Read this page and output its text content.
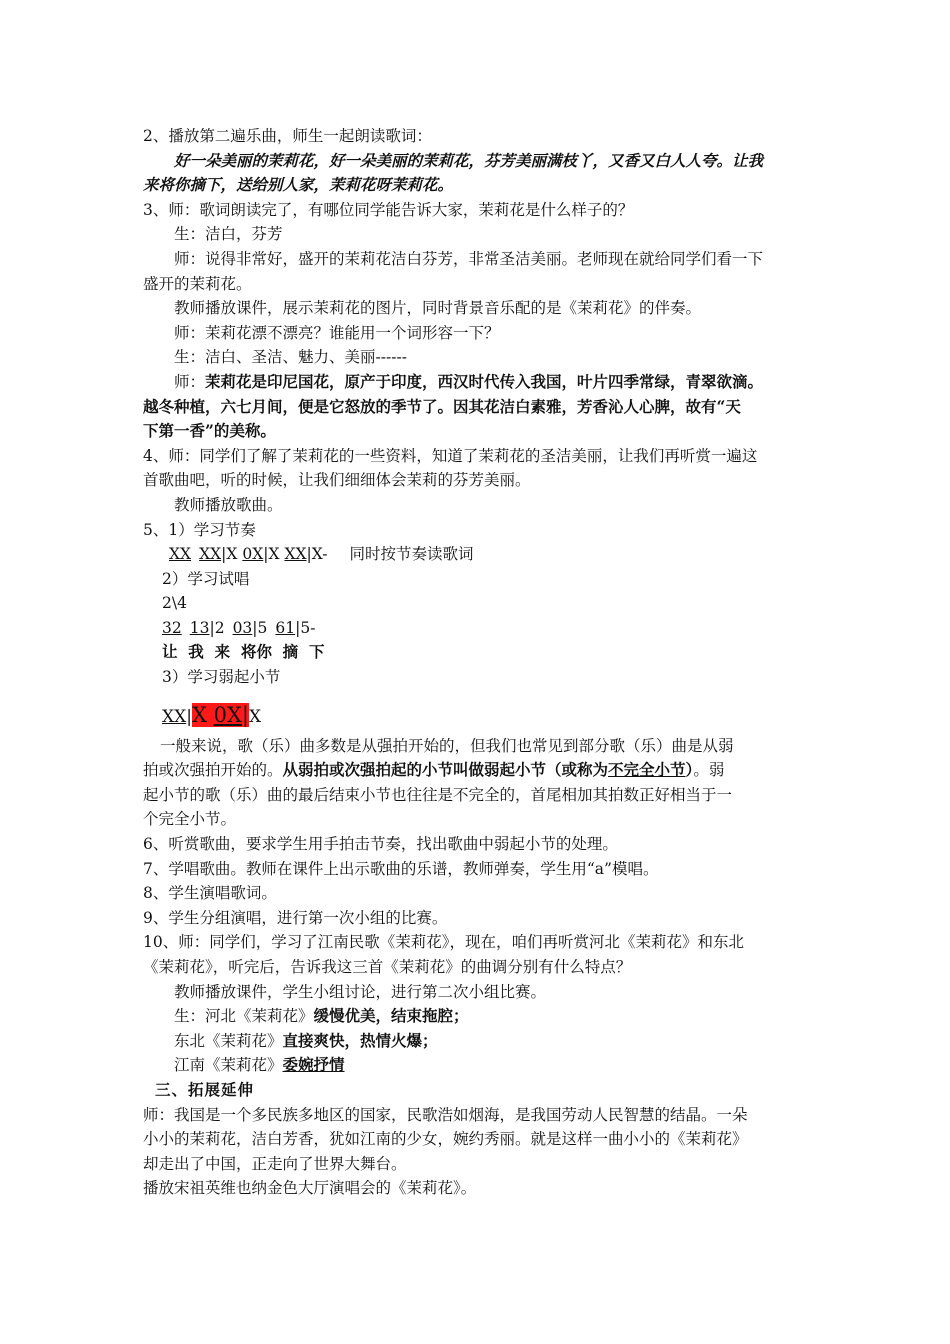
2、播放第二遍乐曲，师生一起朗读歌词：
好一朵美丽的茉莉花，好一朵美丽的茉莉花，芬芳美丽满枝丫，又香又白人人夸。让我
来将你摘下，送给别人家，茉莉花呀茉莉花。
3、师：歌词朗读完了，有哪位同学能告诉大家，茉莉花是什么样子的？
生：洁白，芬芳
师：说得非常好，盛开的茉莉花洁白芬芳，非常圣洁美丽。老师现在就给同学们看一下
盛开的茉莉花。
教师播放课件，展示茉莉花的图片，同时背景音乐配的是《茉莉花》的伴奏。
师：茉莉花漂不漂亮？谁能用一个词形容一下？
生：洁白、圣洁、魅力、美丽------
师：茉莉花是印尼国花，原产于印度，西汉时代传入我国，叶片四季常绿，青翠欲滴。
越冬种植，六七月间，便是它怒放的季节了。因其花洁白素雅，芳香沁人心脾，故有“天
下第一香”的美称。
4、师：同学们了解了茉莉花的一些资料，知道了茉莉花的圣洁美丽，让我们再听赏一遍这
首歌曲吧，听的时候，让我们细细体会茉莉的芬芳美丽。
教师播放歌曲。
5、1）学习节奏
XX XX|X 0X|X XX|X- 同时按节奏读歌词
2）学习试唱
2\4
32 13|2 03|5 61|5-
让  我  来  将你  摘  下
3）学习弱起小节
XX|X 0X|X
一般来说，歌（乐）曲多数是从强拍开始的，但我们也常见到部分歌（乐）曲是从弱
拍或次强拍开始的。从弱拍或次强拍起的小节叫做弱起小节（或称为不完全小节）。弱
起小节的歌（乐）曲的最后结束小节也往往是不完全的，首尾相加其拍数正好相当于一
个完全小节。
6、听赏歌曲，要求学生用手拍击节奏，找出歌曲中弱起小节的处理。
7、学唱歌曲。教师在课件上出示歌曲的乐谱，教师弹奏，学生用“a”模唱。
8、学生演唱歌词。
9、学生分组演唱，进行第一次小组的比赛。
10、师：同学们，学习了江南民歌《茉莉花》，现在，咱们再听赏河北《茉莉花》和东北
《茉莉花》，听完后，告诉我这三首《茉莉花》的曲调分别有什么特点？
教师播放课件，学生小组讨论，进行第二次小组比赛。
生：河北《茉莉花》缓慢优美，结束拖腔；
东北《茉莉花》直接爽快，热情火爆；
江南《茉莉花》委婉抒情
三、拓展延伸
师：我国是一个多民族多地区的国家，民歌浩如烟海，是我国劳动人民智慧的结晶。一朵
小小的茉莉花，洁白芳香，犹如江南的少女，婉约秀丽。就是这样一曲小小的《茉莉花》
却走出了中国，正走向了世界大舞台。
播放宋祖英维也纳金色大厅演唱会的《茉莉花》。
